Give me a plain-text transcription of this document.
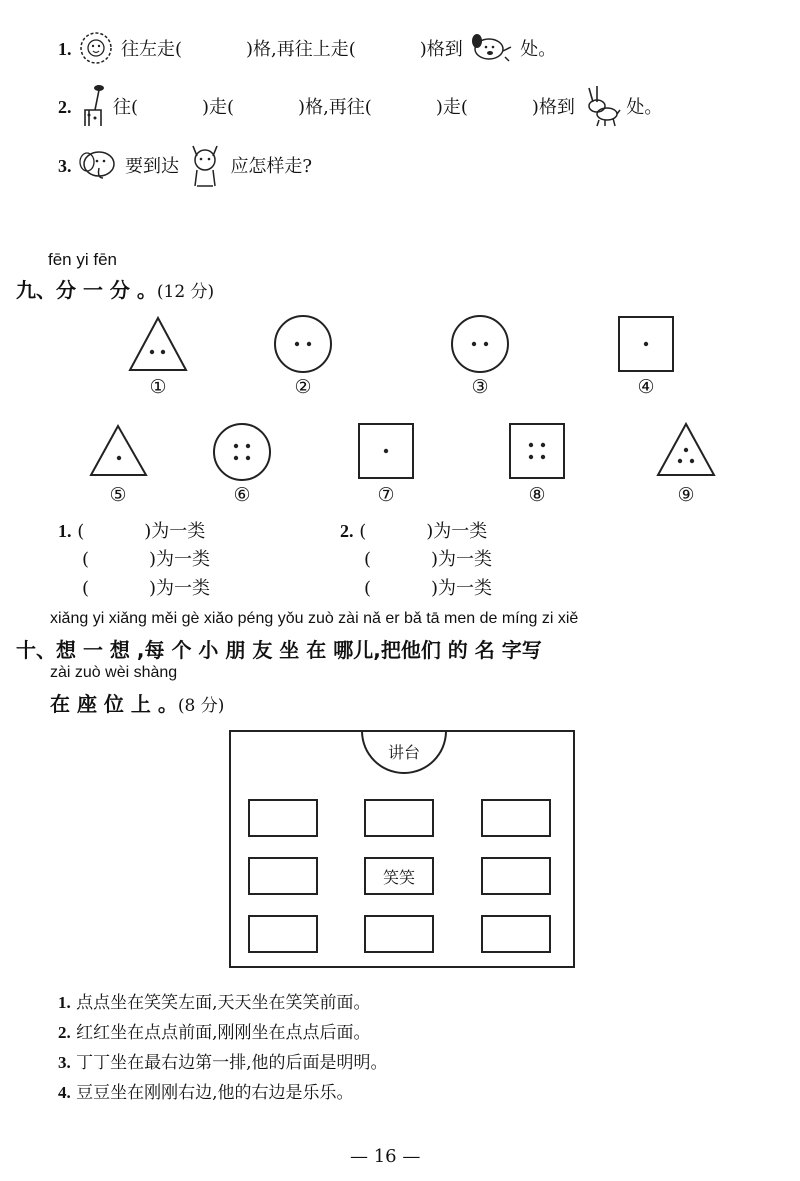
1.	往左走(	)格,再往上走(	)格到	处。
2. 往(	)走(	)格,再往(	)走(	)格到	处。
3.	要到达	应怎样走?
fēn yi fēn
九、分 一 分 。(12 分)
①	②	③	④
⑤	⑥	⑦	⑧	⑨
1. (	)为一类	2. (	)为一类
(	)为一类	(	)为一类
(	)为一类	(	)为一类
xiǎng yi xiǎng měi gè xiǎo péng yǒu zuò zài nǎ er bǎ tā men de míng zi xiě
十、想 一 想 ,每 个 小 朋 友 坐 在 哪儿,把他们 的 名 字写
zài zuò wèi shàng
在 座 位 上 。(8 分)
讲台
笑笑
1. 点点坐在笑笑左面,天天坐在笑笑前面。
2. 红红坐在点点前面,刚刚坐在点点后面。
3. 丁丁坐在最右边第一排,他的后面是明明。
4. 豆豆坐在刚刚右边,他的右边是乐乐。
— 16 —
